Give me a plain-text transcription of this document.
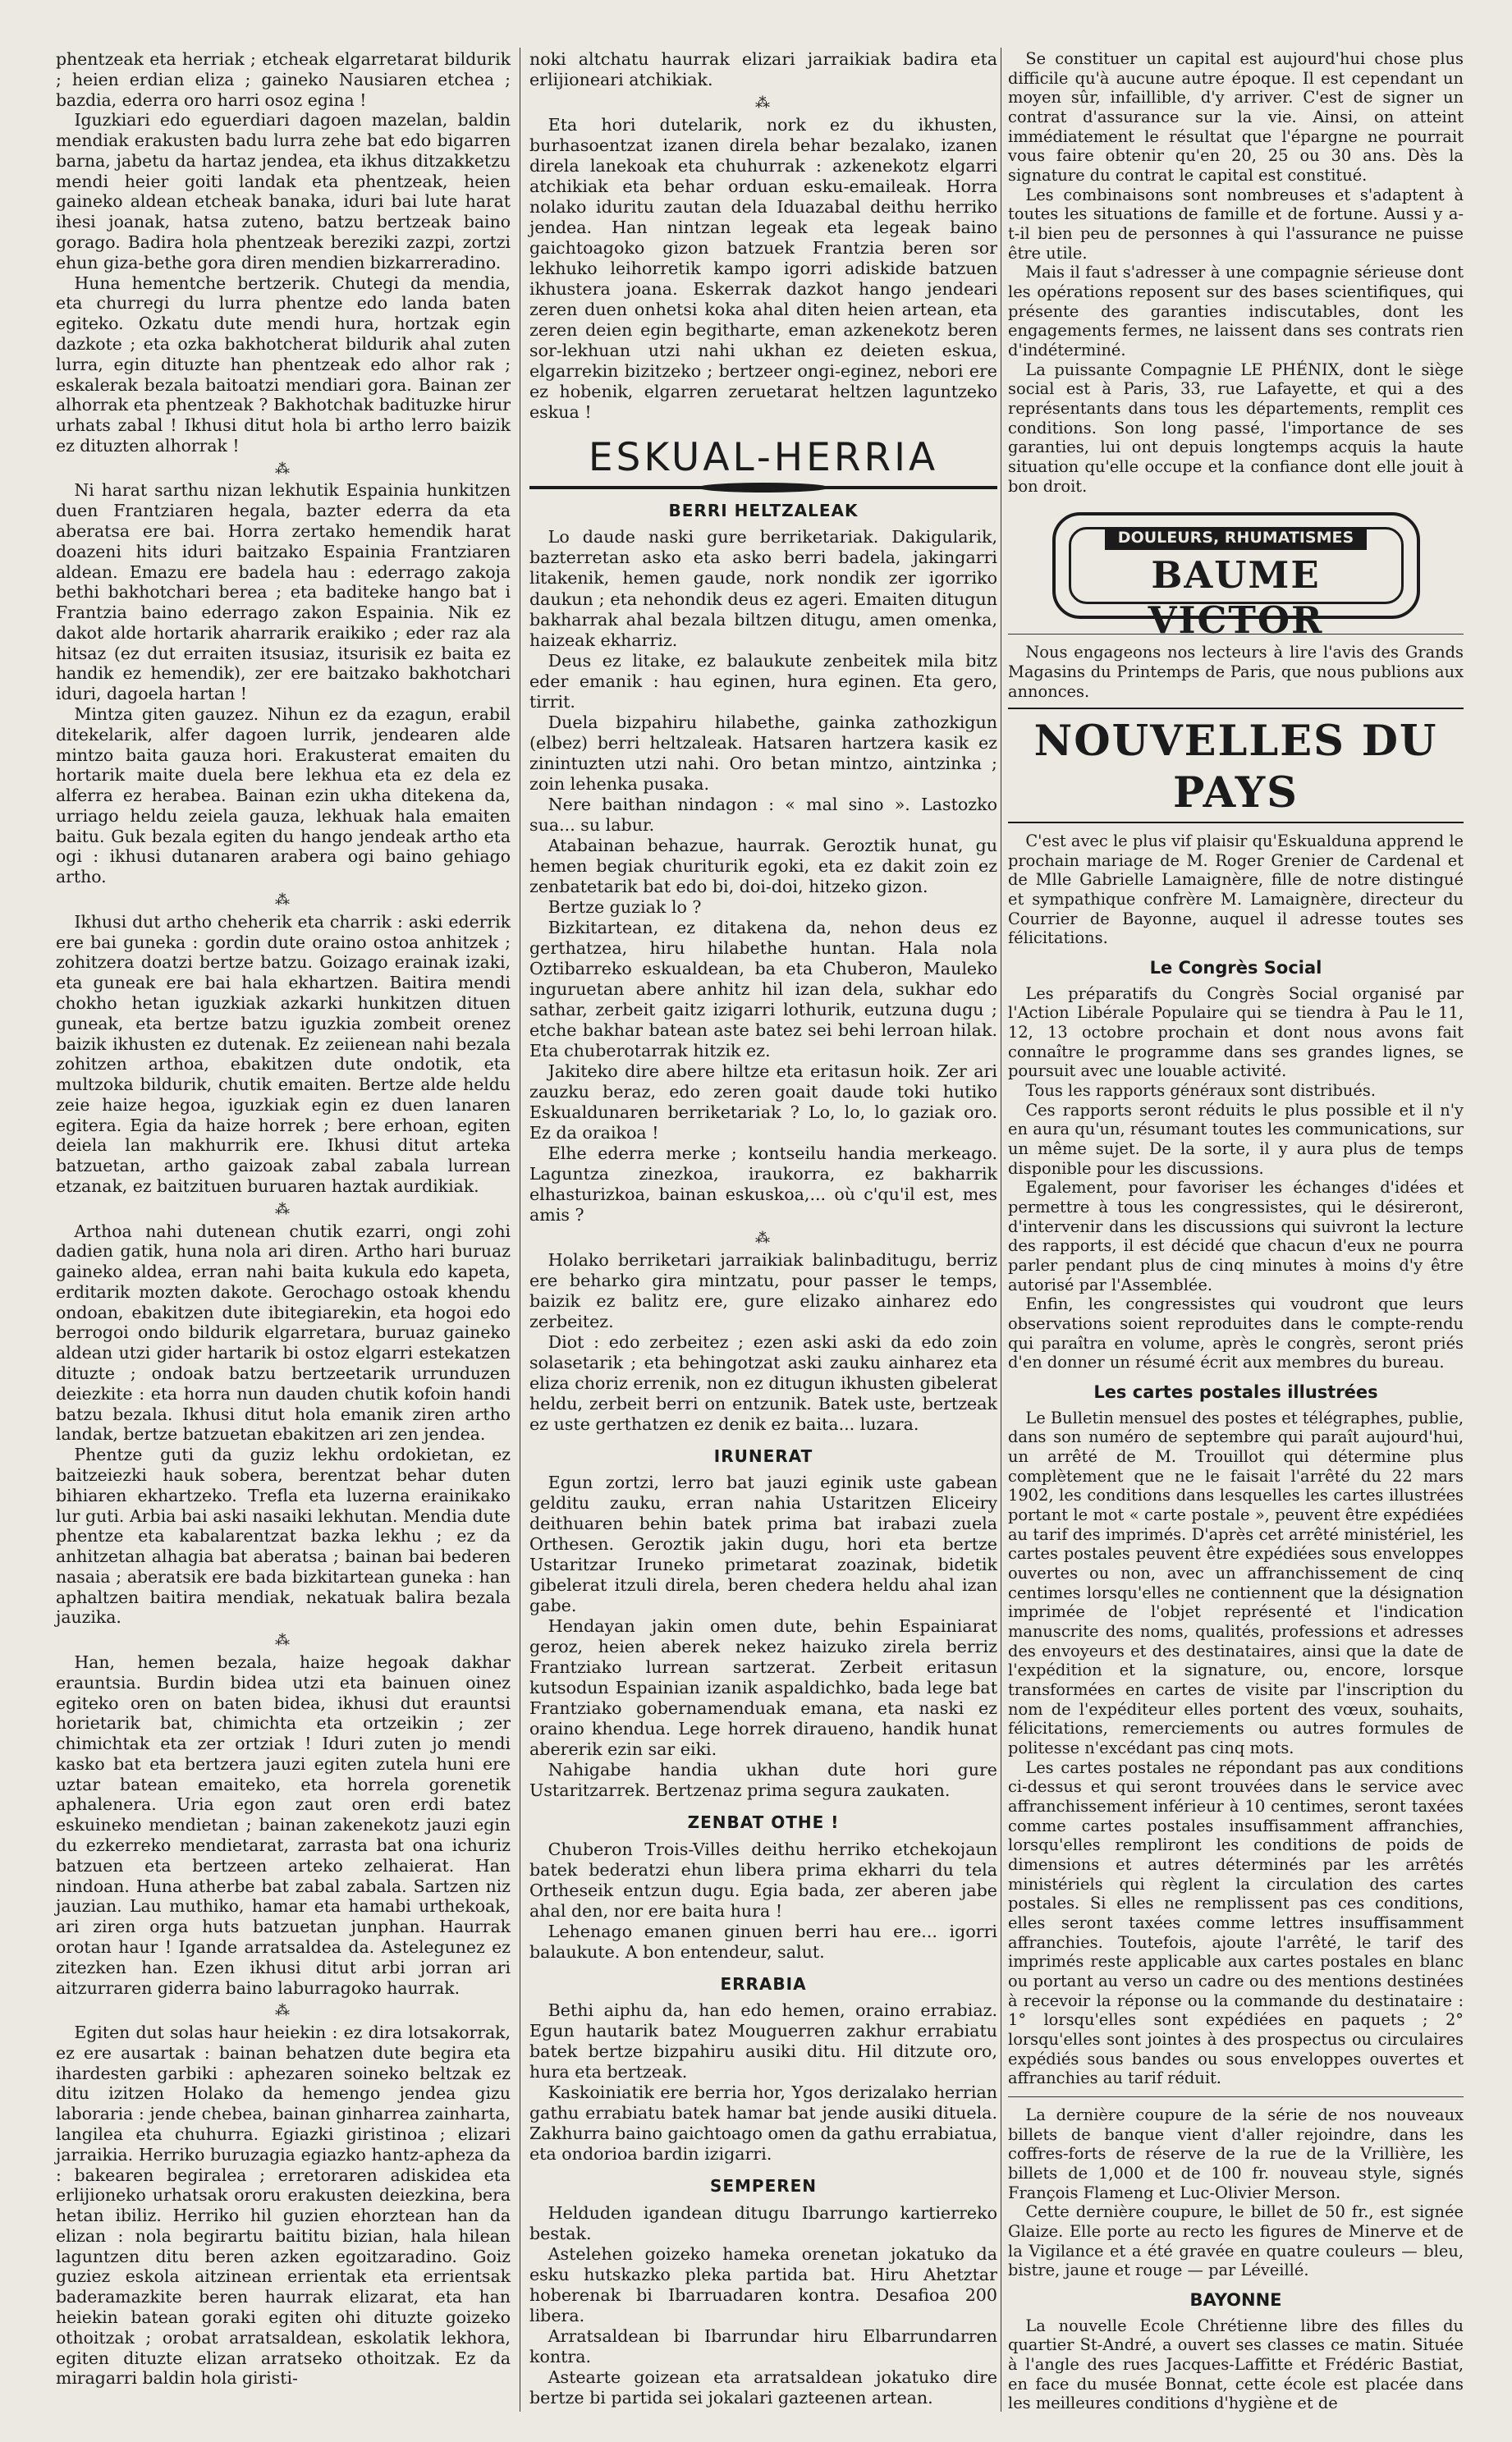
phentzeak eta herriak ; etcheak elgarretarat bildurik ; heien erdian eliza ; gaineko Nausiaren etchea ; bazdia, ederra oro harri osoz egina !

Iguzkiari edo eguerdiari dagoen mazelan, baldin mendiak erakusten badu lurra zehe bat edo bigarren barna, jabetu da hartaz jendea, eta ikhus ditzakketzu mendi heier goiti landak eta phentzeak, heien gaineko aldean etcheak banaka, iduri bai lute harat ihesi joanak, hatsa zuteno, batzu bertzeak baino gorago. Badira hola phentzeak bereziki zazpi, zortzi ehun giza-bethe gora diren mendien bizkarreradino.

Huna hementche bertzerik. Chutegi da mendia, eta churregi du lurra phentze edo landa baten egiteko. Ozkatu dute mendi hura, hortzak egin dazkote ; eta ozka bakhotcherat bildurik ahal zuten lurra, egin dituzte han phentzeak edo alhor rak ; eskalerak bezala baitoatzi mendiari gora. Bainan zer alhorrak eta phentzeak ? Bakhotchak badituzke hirur urhats zabal ! Ikhusi ditut hola bi artho lerro baizik ez dituzten alhorrak !

⁂

Ni harat sarthu nizan lekhutik Espainia hunkitzen duen Frantziaren hegala, bazter ederra da eta aberatsa ere bai. Horra zertako hemendik harat doazeni hits iduri baitzako Espainia Frantziaren aldean. Emazu ere badela hau : ederrago zakoja bethi bakhotchari berea ; eta baditeke hango bat i Frantzia baino ederrago zakon Espainia. Nik ez dakot alde hortarik aharrarik eraikiko ; eder raz ala hitsaz (ez dut erraiten itsusiaz, itsurisik ez baita ez handik ez hemendik), zer ere baitzako bakhotchari iduri, dagoela hartan !

Mintza giten gauzez. Nihun ez da ezagun, erabil ditekelarik, alfer dagoen lurrik, jendearen alde mintzo baita gauza hori. Erakusterat emaiten du hortarik maite duela bere lekhua eta ez dela ez alferra ez herabea. Bainan ezin ukha ditekena da, urriago heldu zeiela gauza, lekhuak hala emaiten baitu. Guk bezala egiten du hango jendeak artho eta ogi : ikhusi dutanaren arabera ogi baino gehiago artho.

⁂

Ikhusi dut artho cheherik eta charrik : aski ederrik ere bai guneka : gordin dute oraino ostoa anhitzek ; zohitzera doatzi bertze batzu. Goizago erainak izaki, eta guneak ere bai hala ekhartzen. Baitira mendi chokho hetan iguzkiak azkarki hunkitzen dituen guneak, eta bertze batzu iguzkia zombeit orenez baizik ikhusten ez dutenak. Ez zeiienean nahi bezala zohitzen arthoa, ebakitzen dute ondotik, eta multzoka bildurik, chutik emaiten. Bertze alde heldu zeie haize hegoa, iguzkiak egin ez duen lanaren egitera. Egia da haize horrek ; bere erhoan, egiten deiela lan makhurrik ere. Ikhusi ditut arteka batzuetan, artho gaizoak zabal zabala lurrean etzanak, ez baitzituen buruaren haztak aurdikiak.

⁂

Arthoa nahi dutenean chutik ezarri, ongi zohi dadien gatik, huna nola ari diren. Artho hari buruaz gaineko aldea, erran nahi baita kukula edo kapeta, erditarik mozten dakote. Gerochago ostoak khendu ondoan, ebakitzen dute ibitegiarekin, eta hogoi edo berrogoi ondo bildurik elgarretara, buruaz gaineko aldean utzi gider hartarik bi ostoz elgarri estekatzen dituzte ; ondoak batzu bertzeetarik urrunduzen deiezkite : eta horra nun dauden chutik kofoin handi batzu bezala. Ikhusi ditut hola emanik ziren artho landak, bertze batzuetan ebakitzen ari zen jendea.

Phentze guti da guziz lekhu ordokietan, ez baitzeiezki hauk sobera, berentzat behar duten bihiaren ekhartzeko. Trefla eta luzerna erainikako lur guti. Arbia bai aski nasaiki lekhutan. Mendia dute phentze eta kabalarentzat bazka lekhu ; ez da anhitzetan alhagia bat aberatsa ; bainan bai bederen nasaia ; aberatsik ere bada bizkitartean guneka : han aphaltzen baitira mendiak, nekatuak balira bezala jauzika.

⁂

Han, hemen bezala, haize hegoak dakhar erauntsia. Burdin bidea utzi eta bainuen oinez egiteko oren on baten bidea, ikhusi dut erauntsi horietarik bat, chimichta eta ortzeikin ; zer chimichtak eta zer ortziak ! Iduri zuten jo mendi kasko bat eta bertzera jauzi egiten zutela huni ere uztar batean emaiteko, eta horrela gorenetik aphalenera. Uria egon zaut oren erdi batez eskuineko mendietan ; bainan zakenekotz jauzi egin du ezkerreko mendietarat, zarrasta bat ona ichuriz batzuen eta bertzeen arteko zelhaierat. Han nindoan. Huna atherbe bat zabal zabala. Sartzen niz jauzian. Lau muthiko, hamar eta hamabi urthekoak, ari ziren orga huts batzuetan junphan. Haurrak orotan haur ! Igande arratsaldea da. Astelegunez ez zitezken han. Ezen ikhusi ditut arbi jorran ari aitzurraren giderra baino laburragoko haurrak.

⁂

Egiten dut solas haur heiekin : ez dira lotsakorrak, ez ere ausartak : bainan behatzen dute begira eta ihardesten garbiki : aphezaren soineko beltzak ez ditu izitzen Holako da hemengo jendea gizu laboraria : jende chebea, bainan ginharrea zainharta, langilea eta chuhurra. Egiazki giristinoa ; elizari jarraikia. Herriko buruzagia egiazko hantz-apheza da : bakearen begiralea ; erretoraren adiskidea eta erlijioneko urhatsak ororu erakusten deiezkina, bera hetan ibiliz. Herriko hil guzien ehorztean han da elizan : nola begirartu baititu bizian, hala hilean laguntzen ditu beren azken egoitzaradino. Goiz guziez eskola aitzinean errientak eta errientsak baderamazkite beren haurrak elizarat, eta han heiekin batean goraki egiten ohi dituzte goizeko othoitzak ; orobat arratsaldean, eskolatik lekhora, egiten dituzte elizan arratseko othoitzak. Ez da miragarri baldin hola giristi-

noki altchatu haurrak elizari jarraikiak badira eta erlijioneari atchikiak.

⁂

Eta hori dutelarik, nork ez du ikhusten, burhasoentzat izanen direla behar bezalako, izanen direla lanekoak eta chuhurrak : azkenekotz elgarri atchikiak eta behar orduan esku-emaileak. Horra nolako iduritu zautan dela Iduazabal deithu herriko jendea. Han nintzan legeak eta legeak baino gaichtoagoko gizon batzuek Frantzia beren sor lekhuko leihorretik kampo igorri adiskide batzuen ikhustera joana. Eskerrak dazkot hango jendeari zeren duen onhetsi koka ahal diten heien artean, eta zeren deien egin begitharte, eman azkenekotz beren sor-lekhuan utzi nahi ukhan ez deieten eskua, elgarrekin bizitzeko ; bertzeer ongi-eginez, nebori ere ez hobenik, elgarren zeruetarat heltzen laguntzeko eskua !

ESKUAL-HERRIA
BERRI HELTZALEAK

Lo daude naski gure berriketariak. Dakigularik, bazterretan asko eta asko berri badela, jakingarri litakenik, hemen gaude, nork nondik zer igorriko daukun ; eta nehondik deus ez ageri. Emaiten ditugun bakharrak ahal bezala biltzen ditugu, amen omenka, haizeak ekharriz.

Deus ez litake, ez balaukute zenbeitek mila bitz eder emanik : hau eginen, hura eginen. Eta gero, tirrit.

Duela bizpahiru hilabethe, gainka zathozkigun (elbez) berri heltzaleak. Hatsaren hartzera kasik ez zinintuzten utzi nahi. Oro betan mintzo, aintzinka ; zoin lehenka pusaka.

Nere baithan nindagon : « mal sino ». Lastozko sua... su labur.

Atabainan behazue, haurrak. Geroztik hunat, gu hemen begiak churiturik egoki, eta ez dakit zoin ez zenbatetarik bat edo bi, doi-doi, hitzeko gizon.

Bertze guziak lo ?

Bizkitartean, ez ditakena da, nehon deus ez gerthatzea, hiru hilabethe huntan. Hala nola Oztibarreko eskualdean, ba eta Chuberon, Mauleko inguruetan abere anhitz hil izan dela, sukhar edo sathar, zerbeit gaitz izigarri lothurik, eutzuna dugu ; etche bakhar batean aste batez sei behi lerroan hilak. Eta chuberotarrak hitzik ez.

Jakiteko dire abere hiltze eta eritasun hoik. Zer ari zauzku beraz, edo zeren goait daude toki hutiko Eskualdunaren berriketariak ? Lo, lo, lo gaziak oro. Ez da oraikoa !

Elhe ederra merke ; kontseilu handia merkeago. Laguntza zinezkoa, iraukorra, ez bakharrik elhasturizkoa, bainan eskuskoa,... où c'qu'il est, mes amis ?

⁂

Holako berriketari jarraikiak balinbaditugu, berriz ere beharko gira mintzatu, pour passer le temps, baizik ez balitz ere, gure elizako ainharez edo zerbeitez.

Diot : edo zerbeitez ; ezen aski aski da edo zoin solasetarik ; eta behingotzat aski zauku ainharez eta eliza choriz errenik, non ez ditugun ikhusten gibelerat heldu, zerbeit berri on entzunik. Batek uste, bertzeak ez uste gerthatzen ez denik ez baita... luzara.

IRUNERAT

Egun zortzi, lerro bat jauzi eginik uste gabean gelditu zauku, erran nahia Ustaritzen Eliceiry deithuaren behin batek prima bat irabazi zuela Orthesen. Geroztik jakin dugu, hori eta bertze Ustaritzar Iruneko primetarat zoazinak, bidetik gibelerat itzuli direla, beren chedera heldu ahal izan gabe.

Hendayan jakin omen dute, behin Espainiarat geroz, heien aberek nekez haizuko zirela berriz Frantziako lurrean sartzerat. Zerbeit eritasun kutsodun Espainian izanik aspaldichko, bada lege bat Frantziako gobernamenduak emana, eta naski ez oraino khendua. Lege horrek diraueno, handik hunat abererik ezin sar eiki.

Nahigabe handia ukhan dute hori gure Ustaritzarrek. Bertzenaz prima segura zaukaten.

ZENBAT OTHE !

Chuberon Trois-Villes deithu herriko etchekojaun batek bederatzi ehun libera prima ekharri du tela Ortheseik entzun dugu. Egia bada, zer aberen jabe ahal den, nor ere baita hura !

Lehenago emanen ginuen berri hau ere... igorri balaukute. A bon entendeur, salut.

ERRABIA

Bethi aiphu da, han edo hemen, oraino errabiaz. Egun hautarik batez Mouguerren zakhur errabiatu batek bertze bizpahiru ausiki ditu. Hil ditzute oro, hura eta bertzeak.

Kaskoiniatik ere berria hor, Ygos derizalako herrian gathu errabiatu batek hamar bat jende ausiki dituela. Zakhurra baino gaichtoago omen da gathu errabiatua, eta ondorioa bardin izigarri.

SEMPEREN

Helduden igandean ditugu Ibarrungo kartierreko bestak.

Astelehen goizeko hameka orenetan jokatuko da esku hutskazko pleka partida bat. Hiru Ahetztar hoberenak bi Ibarruadaren kontra. Desafioa 200 libera.

Arratsaldean bi Ibarrundar hiru Elbarrundarren kontra.

Astearte goizean eta arratsaldean jokatuko dire bertze bi partida sei jokalari gazteenen artean.

Se constituer un capital est aujourd'hui chose plus difficile qu'à aucune autre époque. Il est cependant un moyen sûr, infaillible, d'y arriver. C'est de signer un contrat d'assurance sur la vie. Ainsi, on atteint immédiatement le résultat que l'épargne ne pourrait vous faire obtenir qu'en 20, 25 ou 30 ans. Dès la signature du contrat le capital est constitué.

Les combinaisons sont nombreuses et s'adaptent à toutes les situations de famille et de fortune. Aussi y a-t-il bien peu de personnes à qui l'assurance ne puisse être utile.

Mais il faut s'adresser à une compagnie sérieuse dont les opérations reposent sur des bases scientifiques, qui présente des garanties indiscutables, dont les engagements fermes, ne laissent dans ses contrats rien d'indéterminé.

La puissante Compagnie LE PHÉNIX, dont le siège social est à Paris, 33, rue Lafayette, et qui a des représentants dans tous les départements, remplit ces conditions. Son long passé, l'importance de ses garanties, lui ont depuis longtemps acquis la haute situation qu'elle occupe et la confiance dont elle jouit à bon droit.

DOULEURS, RHUMATISMES
BAUME VICTOR

Nous engageons nos lecteurs à lire l'avis des Grands Magasins du Printemps de Paris, que nous publions aux annonces.

NOUVELLES DU PAYS

C'est avec le plus vif plaisir qu'Eskualduna apprend le prochain mariage de M. Roger Grenier de Cardenal et de Mlle Gabrielle Lamaignère, fille de notre distingué et sympathique confrère M. Lamaignère, directeur du Courrier de Bayonne, auquel il adresse toutes ses félicitations.

Le Congrès Social

Les préparatifs du Congrès Social organisé par l'Action Libérale Populaire qui se tiendra à Pau le 11, 12, 13 octobre prochain et dont nous avons fait connaître le programme dans ses grandes lignes, se poursuit avec une louable activité.

Tous les rapports généraux sont distribués.

Ces rapports seront réduits le plus possible et il n'y en aura qu'un, résumant toutes les communications, sur un même sujet. De la sorte, il y aura plus de temps disponible pour les discussions.

Egalement, pour favoriser les échanges d'idées et permettre à tous les congressistes, qui le désireront, d'intervenir dans les discussions qui suivront la lecture des rapports, il est décidé que chacun d'eux ne pourra parler pendant plus de cinq minutes à moins d'y être autorisé par l'Assemblée.

Enfin, les congressistes qui voudront que leurs observations soient reproduites dans le compte-rendu qui paraîtra en volume, après le congrès, seront priés d'en donner un résumé écrit aux membres du bureau.

Les cartes postales illustrées

Le Bulletin mensuel des postes et télégraphes, publie, dans son numéro de septembre qui paraît aujourd'hui, un arrêté de M. Trouillot qui détermine plus complètement que ne le faisait l'arrêté du 22 mars 1902, les conditions dans lesquelles les cartes illustrées portant le mot « carte postale », peuvent être expédiées au tarif des imprimés. D'après cet arrêté ministériel, les cartes postales peuvent être expédiées sous enveloppes ouvertes ou non, avec un affranchissement de cinq centimes lorsqu'elles ne contiennent que la désignation imprimée de l'objet représenté et l'indication manuscrite des noms, qualités, professions et adresses des envoyeurs et des destinataires, ainsi que la date de l'expédition et la signature, ou, encore, lorsque transformées en cartes de visite par l'inscription du nom de l'expéditeur elles portent des vœux, souhaits, félicitations, remerciements ou autres formules de politesse n'excédant pas cinq mots.

Les cartes postales ne répondant pas aux conditions ci-dessus et qui seront trouvées dans le service avec affranchissement inférieur à 10 centimes, seront taxées comme cartes postales insuffisamment affranchies, lorsqu'elles rempliront les conditions de poids de dimensions et autres déterminés par les arrêtés ministériels qui règlent la circulation des cartes postales. Si elles ne remplissent pas ces conditions, elles seront taxées comme lettres insuffisamment affranchies. Toutefois, ajoute l'arrêté, le tarif des imprimés reste applicable aux cartes postales en blanc ou portant au verso un cadre ou des mentions destinées à recevoir la réponse ou la commande du destinataire : 1° lorsqu'elles sont expédiées en paquets ; 2° lorsqu'elles sont jointes à des prospectus ou circulaires expédiés sous bandes ou sous enveloppes ouvertes et affranchies au tarif réduit.

La dernière coupure de la série de nos nouveaux billets de banque vient d'aller rejoindre, dans les coffres-forts de réserve de la rue de la Vrillière, les billets de 1,000 et de 100 fr. nouveau style, signés François Flameng et Luc-Olivier Merson.

Cette dernière coupure, le billet de 50 fr., est signée Glaize. Elle porte au recto les figures de Minerve et de la Vigilance et a été gravée en quatre couleurs — bleu, bistre, jaune et rouge — par Léveillé.

BAYONNE

La nouvelle Ecole Chrétienne libre des filles du quartier St-André, a ouvert ses classes ce matin. Située à l'angle des rues Jacques-Laffitte et Frédéric Bastiat, en face du musée Bonnat, cette école est placée dans les meilleures conditions d'hygiène et de
